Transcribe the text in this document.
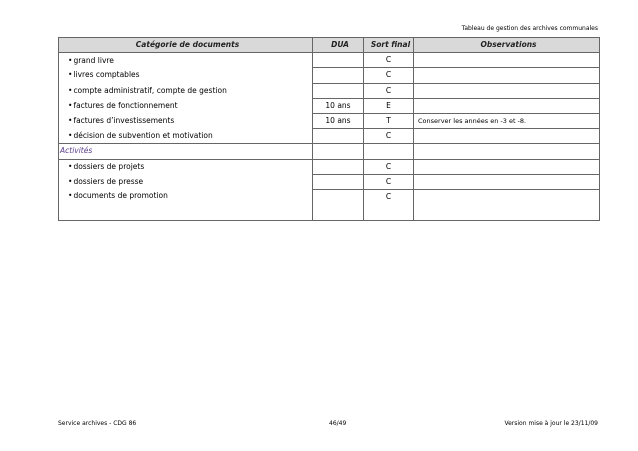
Tableau de gestion des archives communales
Catégorie de documents	DUA	Sort final	Observations
• grand livre		C	
• livres comptables		C	
• compte administratif, compte de gestion		C	
• factures de fonctionnement	10 ans	E	
• factures d’investissements	10 ans	T	Conserver les années en -3 et -8.
• décision de subvention et motivation		C	
Activités			
• dossiers de projets		C	
• dossiers de presse		C	
• documents de promotion		C	
Service archives - CDG 86	46/49	Version mise à jour le 23/11/09
